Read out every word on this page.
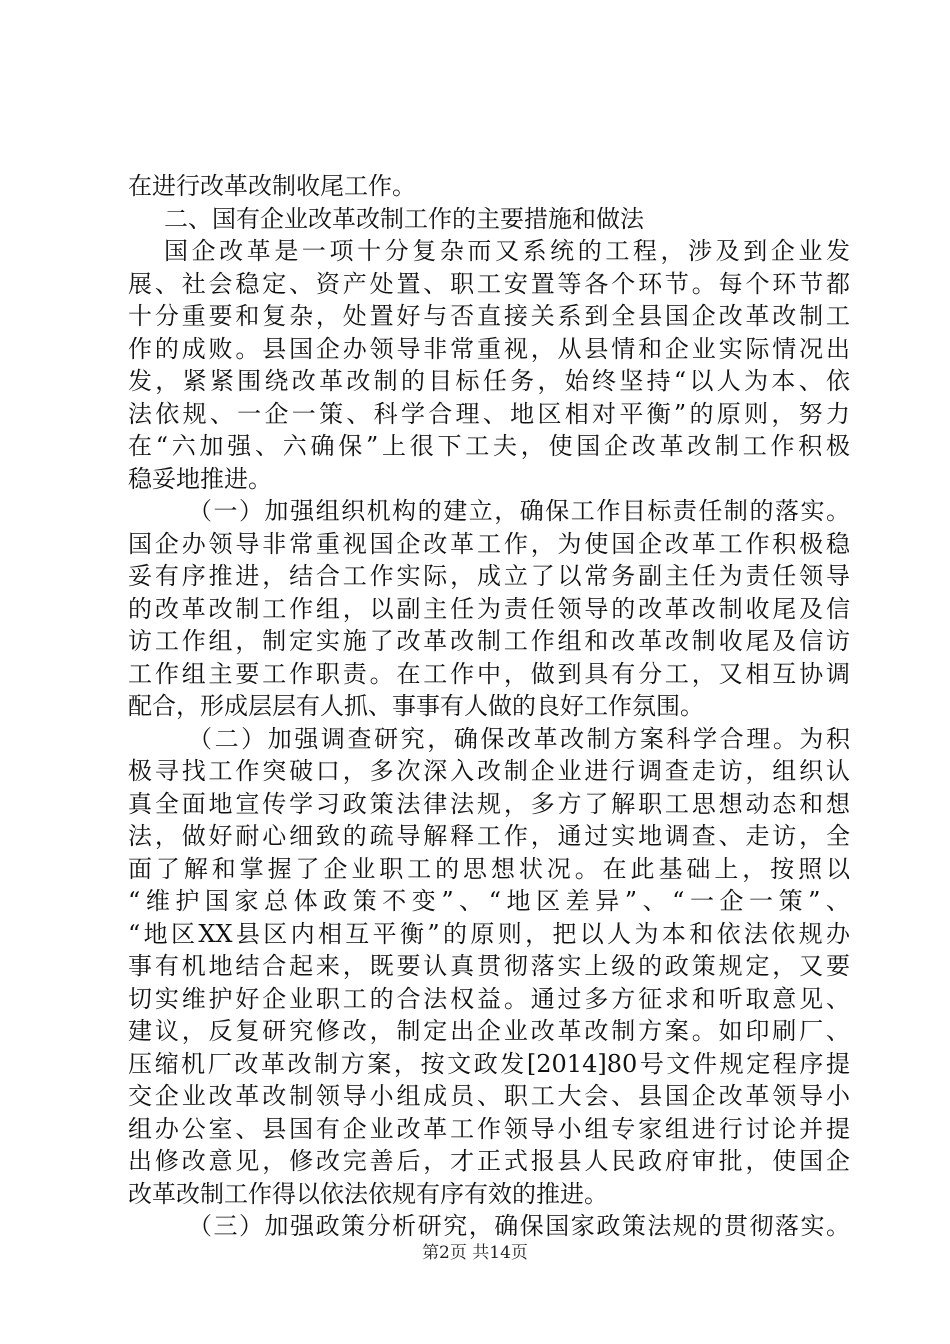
在进行改革改制收尾工作。
二、国有企业改革改制工作的主要措施和做法
国企改革是一项十分复杂而又系统的工程，涉及到企业发
展、社会稳定、资产处置、职工安置等各个环节。每个环节都
十分重要和复杂，处置好与否直接关系到全县国企改革改制工
作的成败。县国企办领导非常重视，从县情和企业实际情况出
发，紧紧围绕改革改制的目标任务，始终坚持“以人为本、依
法依规、一企一策、科学合理、地区相对平衡”的原则，努力
在“六加强、六确保”上很下工夫，使国企改革改制工作积极
稳妥地推进。
（一）加强组织机构的建立，确保工作目标责任制的落实。
国企办领导非常重视国企改革工作，为使国企改革工作积极稳
妥有序推进，结合工作实际，成立了以常务副主任为责任领导
的改革改制工作组，以副主任为责任领导的改革改制收尾及信
访工作组，制定实施了改革改制工作组和改革改制收尾及信访
工作组主要工作职责。在工作中，做到具有分工，又相互协调
配合，形成层层有人抓、事事有人做的良好工作氛围。
（二）加强调查研究，确保改革改制方案科学合理。为积
极寻找工作突破口，多次深入改制企业进行调查走访，组织认
真全面地宣传学习政策法律法规，多方了解职工思想动态和想
法，做好耐心细致的疏导解释工作，通过实地调查、走访，全
面了解和掌握了企业职工的思想状况。在此基础上，按照以
“维护国家总体政策不变”、“地区差异”、“一企一策”、
“地区XX县区内相互平衡”的原则，把以人为本和依法依规办
事有机地结合起来，既要认真贯彻落实上级的政策规定，又要
切实维护好企业职工的合法权益。通过多方征求和听取意见、
建议，反复研究修改，制定出企业改革改制方案。如印刷厂、
压缩机厂改革改制方案，按文政发[2014]80号文件规定程序提
交企业改革改制领导小组成员、职工大会、县国企改革领导小
组办公室、县国有企业改革工作领导小组专家组进行讨论并提
出修改意见，修改完善后，才正式报县人民政府审批，使国企
改革改制工作得以依法依规有序有效的推进。
（三）加强政策分析研究，确保国家政策法规的贯彻落实。
第2页 共14页
